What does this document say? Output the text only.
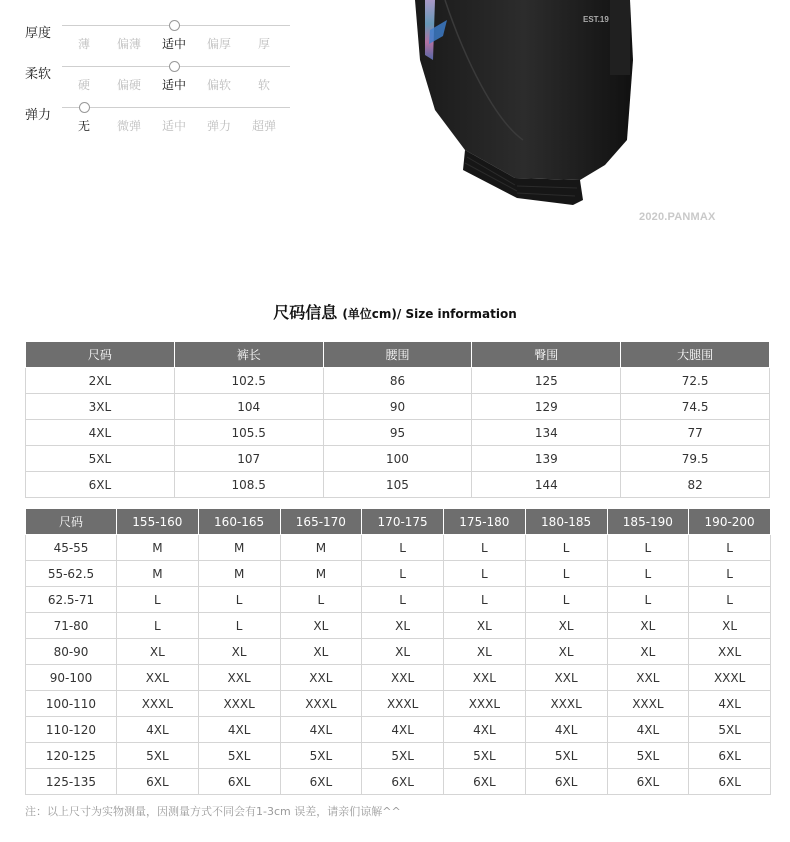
厚度
薄	偏薄	适中	偏厚	厚
柔软
硬	偏硬	适中	偏软	软
弹力
无	微弹	适中	弹力	超弹
EST.19
2020.PANMAX
尺码信息 (单位cm)/ Size information
尺码	裤长	腰围	臀围	大腿围
2XL	102.5	86	125	72.5
3XL	104	90	129	74.5
4XL	105.5	95	134	77
5XL	107	100	139	79.5
6XL	108.5	105	144	82
尺码	155-160	160-165	165-170	170-175	175-180	180-185	185-190	190-200
45-55	M	M	M	L	L	L	L	L
55-62.5	M	M	M	L	L	L	L	L
62.5-71	L	L	L	L	L	L	L	L
71-80	L	L	XL	XL	XL	XL	XL	XL
80-90	XL	XL	XL	XL	XL	XL	XL	XXL
90-100	XXL	XXL	XXL	XXL	XXL	XXL	XXL	XXXL
100-110	XXXL	XXXL	XXXL	XXXL	XXXL	XXXL	XXXL	4XL
110-120	4XL	4XL	4XL	4XL	4XL	4XL	4XL	5XL
120-125	5XL	5XL	5XL	5XL	5XL	5XL	5XL	6XL
125-135	6XL	6XL	6XL	6XL	6XL	6XL	6XL	6XL
注：以上尺寸为实物测量，因测量方式不同会有1-3cm 误差，请亲们谅解^^
